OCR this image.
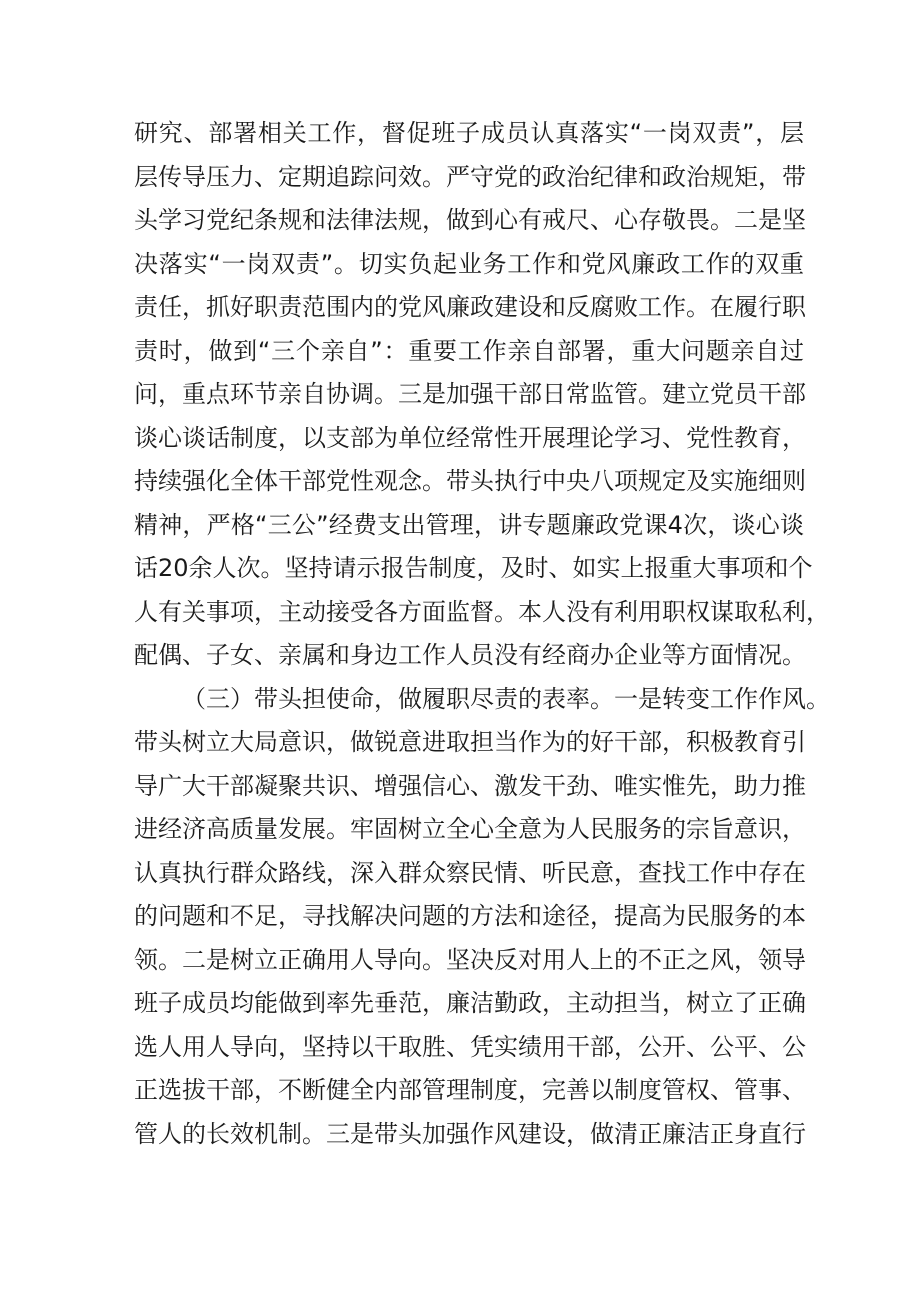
研究、部署相关工作，督促班子成员认真落实“一岗双责”，层
层传导压力、定期追踪问效。严守党的政治纪律和政治规矩，带
头学习党纪条规和法律法规，做到心有戒尺、心存敬畏。二是坚
决落实“一岗双责”。切实负起业务工作和党风廉政工作的双重
责任，抓好职责范围内的党风廉政建设和反腐败工作。在履行职
责时，做到“三个亲自”：重要工作亲自部署，重大问题亲自过
问，重点环节亲自协调。三是加强干部日常监管。建立党员干部
谈心谈话制度，以支部为单位经常性开展理论学习、党性教育，
持续强化全体干部党性观念。带头执行中央八项规定及实施细则
精神，严格“三公”经费支出管理，讲专题廉政党课4次，谈心谈
话20余人次。坚持请示报告制度，及时、如实上报重大事项和个
人有关事项，主动接受各方面监督。本人没有利用职权谋取私利，
配偶、子女、亲属和身边工作人员没有经商办企业等方面情况。
（三）带头担使命，做履职尽责的表率。一是转变工作作风。
带头树立大局意识，做锐意进取担当作为的好干部，积极教育引
导广大干部凝聚共识、增强信心、激发干劲、唯实惟先，助力推
进经济高质量发展。牢固树立全心全意为人民服务的宗旨意识，
认真执行群众路线，深入群众察民情、听民意，查找工作中存在
的问题和不足，寻找解决问题的方法和途径，提高为民服务的本
领。二是树立正确用人导向。坚决反对用人上的不正之风，领导
班子成员均能做到率先垂范，廉洁勤政，主动担当，树立了正确
选人用人导向，坚持以干取胜、凭实绩用干部，公开、公平、公
正选拔干部，不断健全内部管理制度，完善以制度管权、管事、
管人的长效机制。三是带头加强作风建设，做清正廉洁正身直行
